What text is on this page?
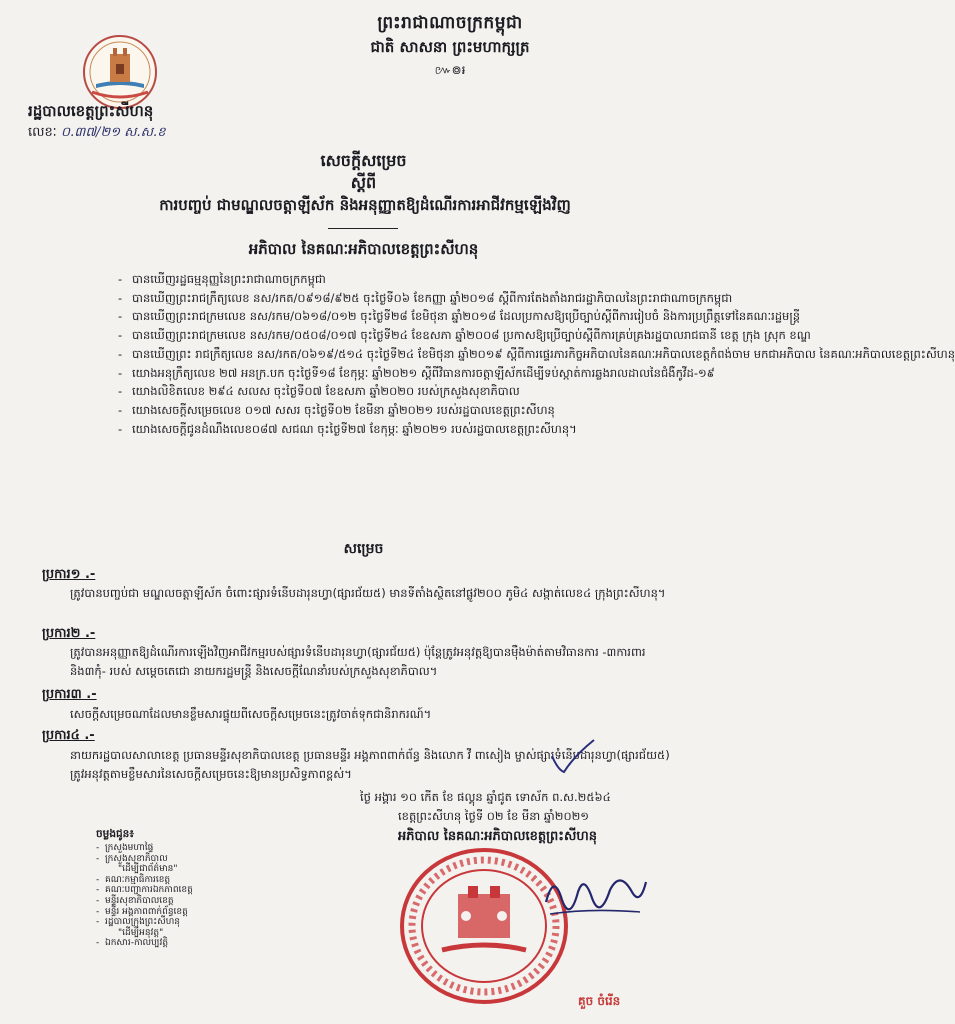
ព្រះរាជាណាចក្រកម្ពុជា
ជាតិ សាសនា ព្រះមហាក្សត្រ
៚៙៛
រដ្ឋបាលខេត្តព្រះសីហនុ
លេខៈ ០.៣៧/២១ ស.ស.ខ
សេចក្តីសម្រេច
ស្តីពី
ការបញ្ចប់ ជាមណ្ឌលចត្តាឡីស័ក និងអនុញ្ញាតឱ្យដំណើរការអាជីវកម្មឡើងវិញ
អភិបាល នៃគណៈអភិបាលខេត្តព្រះសីហនុ
- បានឃើញរដ្ឋធម្មនុញ្ញនៃព្រះរាជាណាចក្រកម្ពុជា
- បានឃើញព្រះរាជក្រឹត្យលេខ នស/រកត/០៩១៨/៩២៥ ចុះថ្ងៃទី០៦ ខែកញ្ញា ឆ្នាំ២០១៨ ស្តីពីការតែងតាំងរាជរដ្ឋាភិបាលនៃព្រះរាជាណាចក្រកម្ពុជា
- បានឃើញព្រះរាជក្រមលេខ នស/រកម/០៦១៨/០១២ ចុះថ្ងៃទី២៨ ខែមិថុនា ឆ្នាំ២០១៨ ដែលប្រកាសឱ្យប្រើច្បាប់ស្តីពីការរៀបចំ និងការប្រព្រឹត្តទៅនៃគណៈរដ្ឋមន្ត្រី
- បានឃើញព្រះរាជក្រមលេខ នស/រកម/០៥០៨/០១៧ ចុះថ្ងៃទី២៤ ខែឧសភា ឆ្នាំ២០០៨ ប្រកាសឱ្យប្រើច្បាប់ស្តីពីការគ្រប់គ្រងរដ្ឋបាលរាជធានី ខេត្ត ក្រុង ស្រុក ខណ្ឌ
- បានឃើញព្រះ រាជក្រឹត្យលេខ នស/រកត/០៦១៩/៥១៤ ចុះថ្ងៃទី២៤ ខែមិថុនា ឆ្នាំ២០១៩ ស្តីពីការផ្ទេរភារកិច្ចអភិបាលនៃគណៈអភិបាលខេត្តកំពង់ចាម មកជាអភិបាល នៃគណៈអភិបាលខេត្តព្រះសីហនុ
- យោងអនុក្រឹត្យលេខ ២៧ អនក្រ.បក ចុះថ្ងៃទី១៨ ខែកុម្ភៈ ឆ្នាំ២០២១ ស្តីពីវិធានការចត្តាឡីស័កដើម្បីទប់ស្កាត់ការឆ្លងរាលដាលនៃជំងឺកូវីដ-១៩
- យោងលិខិតលេខ ២៩៤ សលស ចុះថ្ងៃទី០៧ ខែឧសភា ឆ្នាំ២០២០ របស់ក្រសួងសុខាភិបាល
- យោងសេចក្តីសម្រេចលេខ ០១៧ សសរ ចុះថ្ងៃទី០២ ខែមីនា ឆ្នាំ២០២១ របស់រដ្ឋបាលខេត្តព្រះសីហនុ
- យោងសេចក្តីជូនដំណឹងលេខ០៨៧ សជណ ចុះថ្ងៃទី២៧ ខែកុម្ភៈ ឆ្នាំ២០២១ របស់រដ្ឋបាលខេត្តព្រះសីហនុ។
សម្រេច
ប្រការ១ .-
ត្រូវបានបញ្ចប់ជា មណ្ឌលចត្តាឡីស័ក ចំពោះផ្សារទំនើបដារុនហ្វា(ផ្សារជ័យ៥) មានទីតាំងស្ថិតនៅផ្លូវ២០០ ភូមិ៤ សង្កាត់លេខ៤ ក្រុងព្រះសីហនុ។
ប្រការ២ .-
ត្រូវបានអនុញ្ញាតឱ្យដំណើរការឡើងវិញអាជីវកម្មរបស់ផ្សារទំនើបដារុនហ្វា(ផ្សារជ័យ៥) ប៉ុន្តែត្រូវអនុវត្តឱ្យបានម៉ឺងម៉ាត់តាមវិធានការ -៣ការពារ និង៣កុំ- របស់ សម្តេចតេជោ នាយករដ្ឋមន្ត្រី និងសេចក្តីណែនាំរបស់ក្រសួងសុខាភិបាល។
ប្រការ៣ .-
សេចក្តីសម្រេចណាដែលមានខ្លឹមសារផ្ទុយពីសេចក្តីសម្រេចនេះត្រូវចាត់ទុកជានិរាករណ៍។
ប្រការ៤ .-
នាយករដ្ឋបាលសាលាខេត្ត ប្រធានមន្ទីរសុខាភិបាលខេត្ត ប្រធានមន្ទីរ អង្គភាពពាក់ព័ន្ធ និងលោក វី ពាសៀង ម្ចាស់ផ្សារទំនើបដារុនហ្វា(ផ្សារជ័យ៥) ត្រូវអនុវត្តតាមខ្លឹមសារនៃសេចក្តីសម្រេចនេះឱ្យមានប្រសិទ្ធភាពខ្ពស់។
ថ្ងៃ អង្គារ ១០ កើត ខែ ផល្គុន ឆ្នាំជូត ទោស័ក ព.ស.២៥៦៤
ខេត្តព្រះសីហនុ ថ្ងៃទី ០២ ខែ មីនា ឆ្នាំ២០២១
អភិបាល នៃគណៈអភិបាលខេត្តព្រះសីហនុ
គួច ចំរើន
ចម្លងជូន៖
- ក្រសួងមហាផ្ទៃ
- ក្រសួងសុខាភិបាល
"ដើម្បីជាព័ត៌មាន"
- គណៈកម្មាធិការខេត្ត
- គណៈបញ្ជាការឯកភាពខេត្ត
- មន្ទីរសុខាភិបាលខេត្ត
- មន្ទីរ អង្គភាពពាក់ព័ន្ធខេត្ត
- រដ្ឋបាលក្រុងព្រះសីហនុ
"ដើម្បីអនុវត្ត"
- ឯកសារ-កាលប្បវត្តិ
